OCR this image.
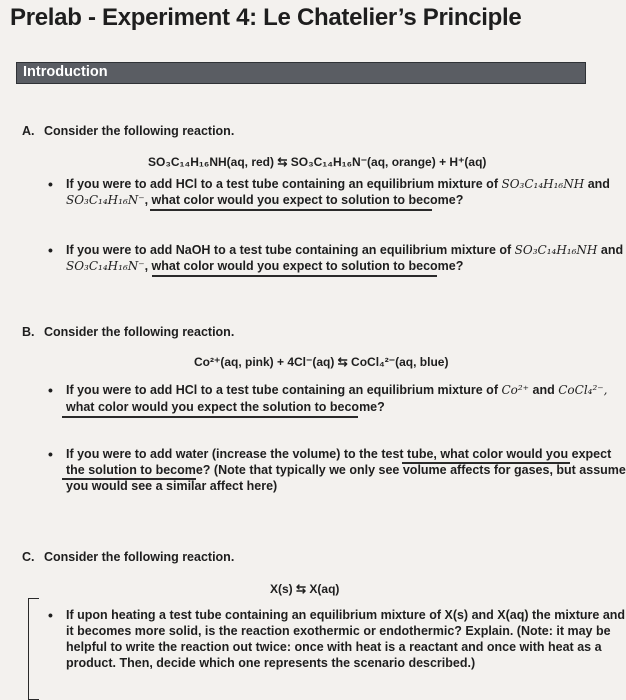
Prelab - Experiment 4: Le Chatelier’s Principle
Introduction
A. Consider the following reaction.
SO₃C₁₄H₁₆NH(aq, red) ⇆ SO₃C₁₄H₁₆N⁻(aq, orange) + H⁺(aq)
• If you were to add HCl to a test tube containing an equilibrium mixture of SO₃C₁₄H₁₆NH and
SO₃C₁₄H₁₆N⁻, what color would you expect to solution to become?
• If you were to add NaOH to a test tube containing an equilibrium mixture of SO₃C₁₄H₁₆NH and
SO₃C₁₄H₁₆N⁻, what color would you expect to solution to become?
B. Consider the following reaction.
Co²⁺(aq, pink) + 4Cl⁻(aq) ⇆ CoCl₄²⁻(aq, blue)
• If you were to add HCl to a test tube containing an equilibrium mixture of Co²⁺ and CoCl₄²⁻,
what color would you expect the solution to become?
• If you were to add water (increase the volume) to the test tube, what color would you expect
the solution to become? (Note that typically we only see volume affects for gases, but assume
you would see a similar affect here)
C. Consider the following reaction.
X(s) ⇆ X(aq)
• If upon heating a test tube containing an equilibrium mixture of X(s) and X(aq) the mixture and
it becomes more solid, is the reaction exothermic or endothermic? Explain. (Note: it may be
helpful to write the reaction out twice: once with heat is a reactant and once with heat as a
product. Then, decide which one represents the scenario described.)
